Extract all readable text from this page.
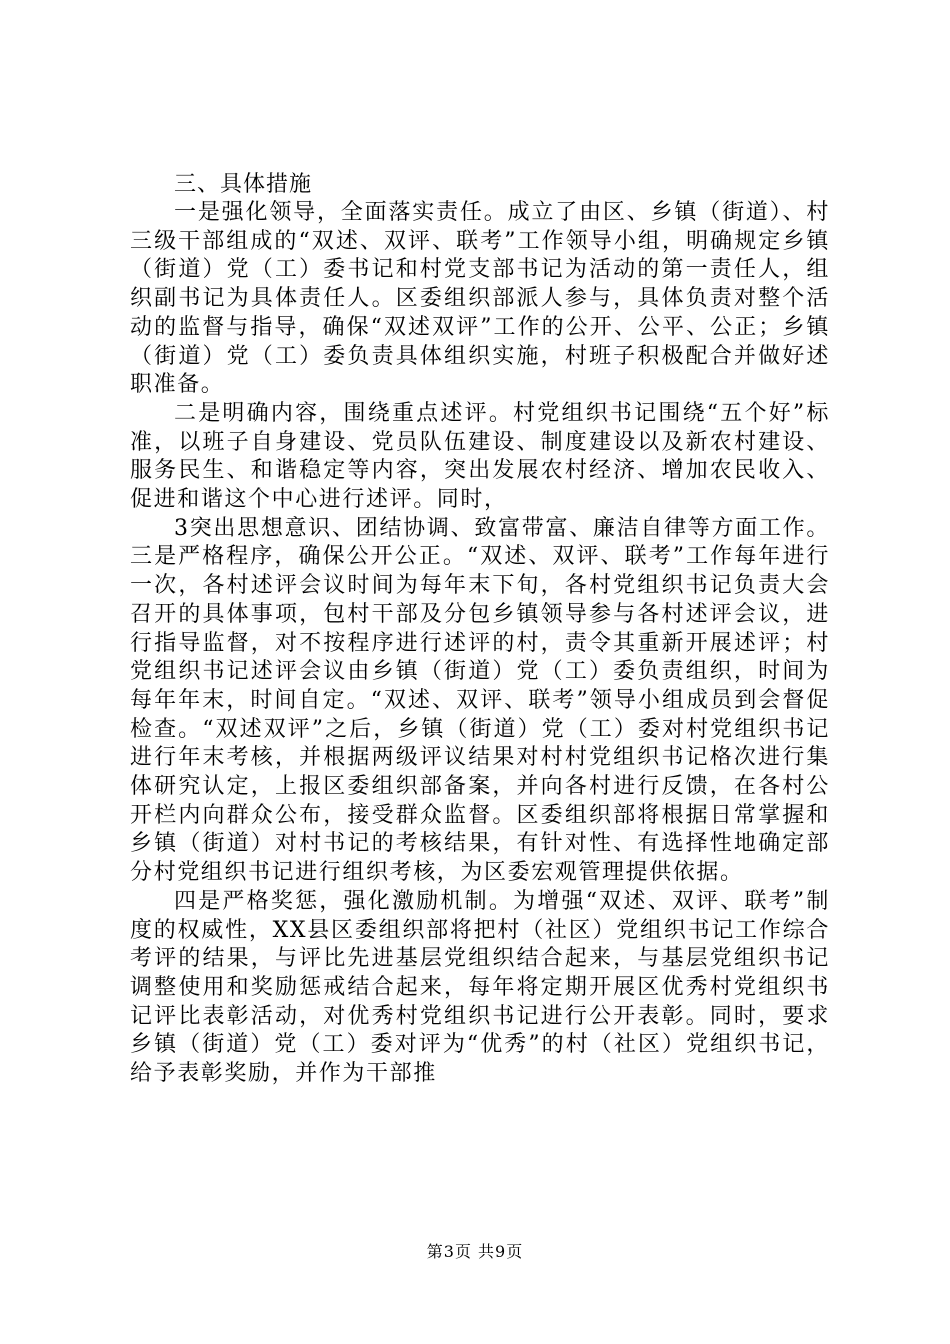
三、具体措施

一是强化领导，全面落实责任。成立了由区、乡镇（街道）、村三级干部组成的“双述、双评、联考”工作领导小组，明确规定乡镇（街道）党（工）委书记和村党支部书记为活动的第一责任人，组织副书记为具体责任人。区委组织部派人参与，具体负责对整个活动的监督与指导，确保“双述双评”工作的公开、公平、公正；乡镇（街道）党（工）委负责具体组织实施，村班子积极配合并做好述职准备。

二是明确内容，围绕重点述评。村党组织书记围绕“五个好”标准，以班子自身建设、党员队伍建设、制度建设以及新农村建设、服务民生、和谐稳定等内容，突出发展农村经济、增加农民收入、促进和谐这个中心进行述评。同时，

3突出思想意识、团结协调、致富带富、廉洁自律等方面工作。三是严格程序，确保公开公正。“双述、双评、联考”工作每年进行一次，各村述评会议时间为每年末下旬，各村党组织书记负责大会召开的具体事项，包村干部及分包乡镇领导参与各村述评会议，进行指导监督，对不按程序进行述评的村，责令其重新开展述评；村党组织书记述评会议由乡镇（街道）党（工）委负责组织，时间为每年年末，时间自定。“双述、双评、联考”领导小组成员到会督促检查。“双述双评”之后，乡镇（街道）党（工）委对村党组织书记进行年末考核，并根据两级评议结果对村村党组织书记格次进行集体研究认定，上报区委组织部备案，并向各村进行反馈，在各村公开栏内向群众公布，接受群众监督。区委组织部将根据日常掌握和乡镇（街道）对村书记的考核结果，有针对性、有选择性地确定部分村党组织书记进行组织考核，为区委宏观管理提供依据。

四是严格奖惩，强化激励机制。为增强“双述、双评、联考”制度的权威性，XX县区委组织部将把村（社区）党组织书记工作综合考评的结果，与评比先进基层党组织结合起来，与基层党组织书记调整使用和奖励惩戒结合起来，每年将定期开展区优秀村党组织书记评比表彰活动，对优秀村党组织书记进行公开表彰。同时，要求乡镇（街道）党（工）委对评为“优秀”的村（社区）党组织书记，给予表彰奖励，并作为干部推

第3页 共9页
